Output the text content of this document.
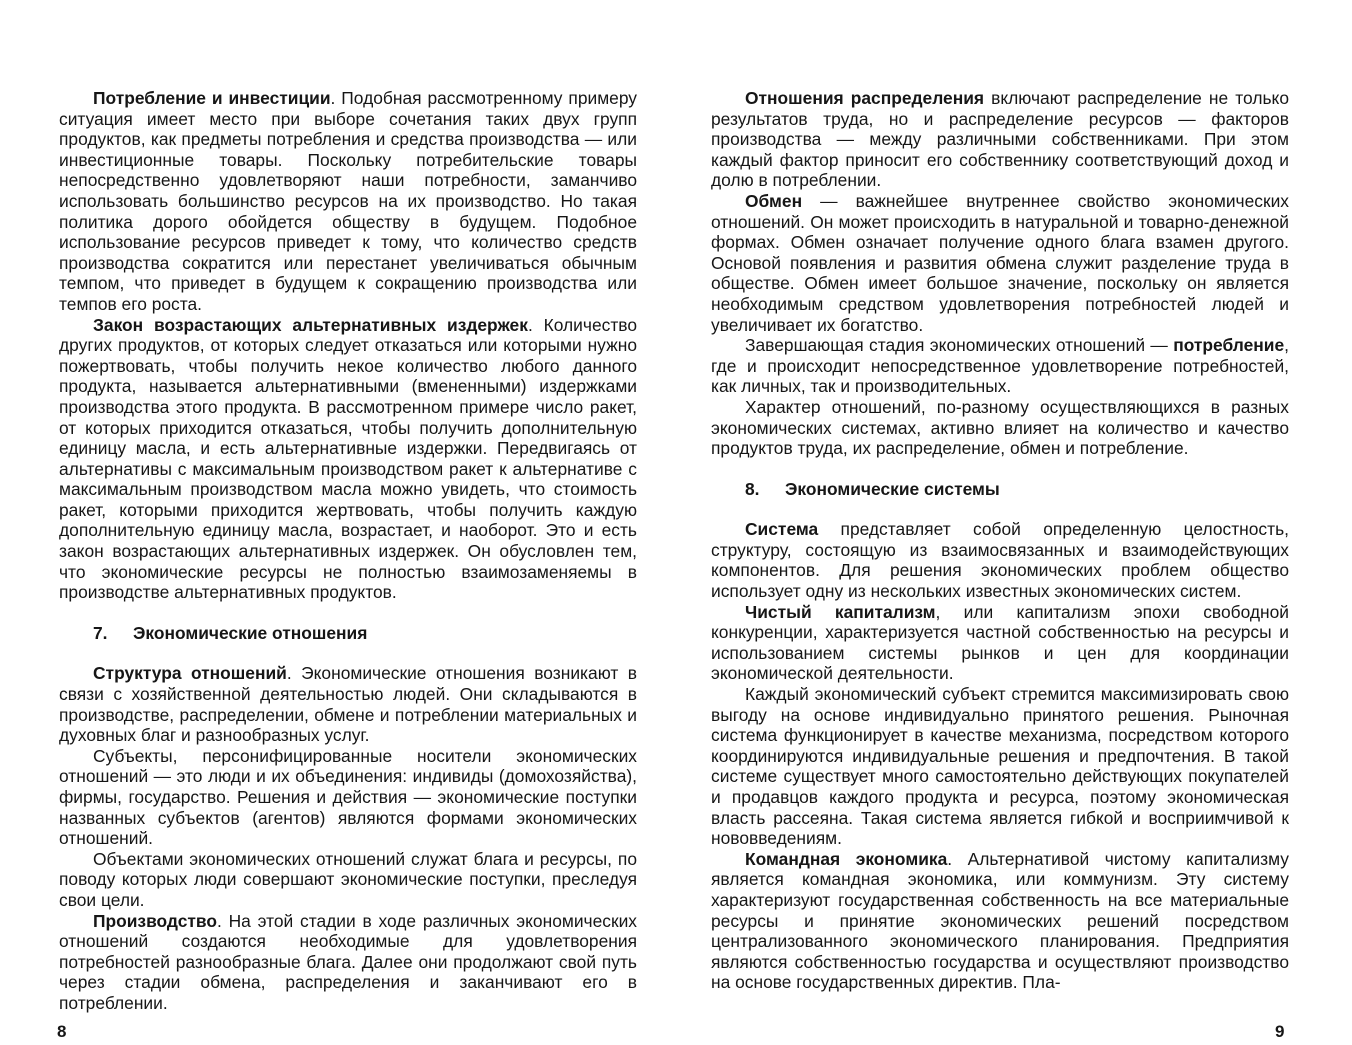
Потребление и инвестиции. Подобная рассмотренному примеру ситуация имеет место при выборе сочетания таких двух групп продуктов, как предметы потребления и средства производства — или инвестиционные товары. Поскольку потребительские товары непосредственно удовлетворяют наши потребности, заманчиво использовать большинство ресурсов на их производство. Но такая политика дорого обойдется обществу в будущем. Подобное использование ресурсов приведет к тому, что количество средств производства сократится или перестанет увеличиваться обычным темпом, что приведет в будущем к сокращению производства или темпов его роста.

Закон возрастающих альтернативных издержек. Количество других продуктов, от которых следует отказаться или которыми нужно пожертвовать, чтобы получить некое количество любого данного продукта, называется альтернативными (вмененными) издержками производства этого продукта. В рассмотренном примере число ракет, от которых приходится отказаться, чтобы получить дополнительную единицу масла, и есть альтернативные издержки. Передвигаясь от альтернативы с максимальным производством ракет к альтернативе с максимальным производством масла можно увидеть, что стоимость ракет, которыми приходится жертвовать, чтобы получить каждую дополнительную единицу масла, возрастает, и наоборот. Это и есть закон возрастающих альтернативных издержек. Он обусловлен тем, что экономические ресурсы не полностью взаимозаменяемы в производстве альтернативных продуктов.

7. Экономические отношения

Структура отношений. Экономические отношения возникают в связи с хозяйственной деятельностью людей. Они складываются в производстве, распределении, обмене и потреблении материальных и духовных благ и разнообразных услуг.

Субъекты, персонифицированные носители экономических отношений — это люди и их объединения: индивиды (домохозяйства), фирмы, государство. Решения и действия — экономические поступки названных субъектов (агентов) являются формами экономических отношений.

Объектами экономических отношений служат блага и ресурсы, по поводу которых люди совершают экономические поступки, преследуя свои цели.

Производство. На этой стадии в ходе различных экономических отношений создаются необходимые для удовлетворения потребностей разнообразные блага. Далее они продолжают свой путь через стадии обмена, распределения и заканчивают его в потреблении.

Отношения распределения включают распределение не только результатов труда, но и распределение ресурсов — факторов производства — между различными собственниками. При этом каждый фактор приносит его собственнику соответствующий доход и долю в потреблении.

Обмен — важнейшее внутреннее свойство экономических отношений. Он может происходить в натуральной и товарно-денежной формах. Обмен означает получение одного блага взамен другого. Основой появления и развития обмена служит разделение труда в обществе. Обмен имеет большое значение, поскольку он является необходимым средством удовлетворения потребностей людей и увеличивает их богатство.

Завершающая стадия экономических отношений — потребление, где и происходит непосредственное удовлетворение потребностей, как личных, так и производительных.

Характер отношений, по-разному осуществляющихся в разных экономических системах, активно влияет на количество и качество продуктов труда, их распределение, обмен и потребление.

8. Экономические системы

Система представляет собой определенную целостность, структуру, состоящую из взаимосвязанных и взаимодействующих компонентов. Для решения экономических проблем общество использует одну из нескольких известных экономических систем.

Чистый капитализм, или капитализм эпохи свободной конкуренции, характеризуется частной собственностью на ресурсы и использованием системы рынков и цен для координации экономической деятельности.

Каждый экономический субъект стремится максимизировать свою выгоду на основе индивидуально принятого решения. Рыночная система функционирует в качестве механизма, посредством которого координируются индивидуальные решения и предпочтения. В такой системе существует много самостоятельно действующих покупателей и продавцов каждого продукта и ресурса, поэтому экономическая власть рассеяна. Такая система является гибкой и восприимчивой к нововведениям.

Командная экономика. Альтернативой чистому капитализму является командная экономика, или коммунизм. Эту систему характеризуют государственная собственность на все материальные ресурсы и принятие экономических решений посредством централизованного экономического планирования. Предприятия являются собственностью государства и осуществляют производство на основе государственных директив. Пла-

8	9
